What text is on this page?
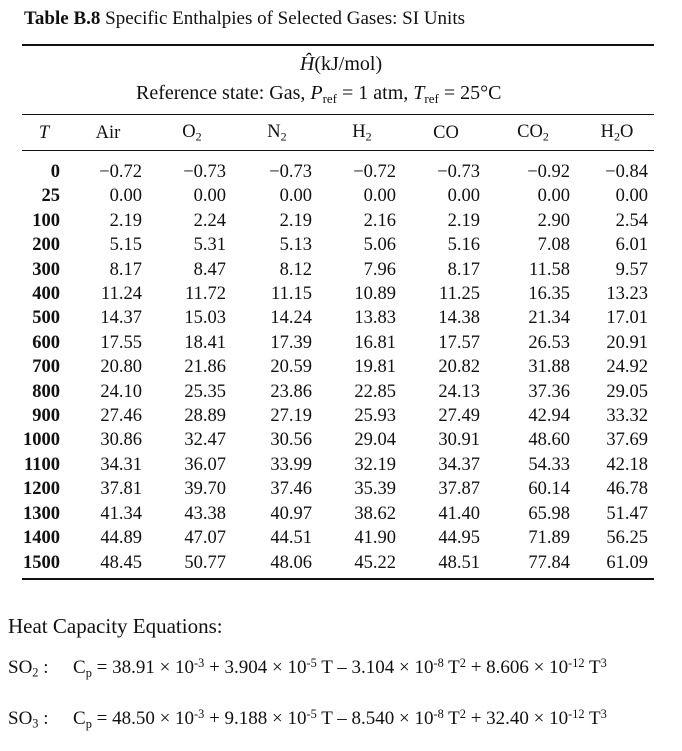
Table B.8 Specific Enthalpies of Selected Gases: SI Units
Ĥ(kJ/mol)
Reference state: Gas, $P_{ref} = 1$ atm, $T_{ref} = 25^\circ C$
T	Air	$O_2$	$N_2$	$H_2$	CO	$CO_2$	$H_2O$
0	−0.72	−0.73	−0.73	−0.72	−0.73	−0.92	−0.84
25	0.00	0.00	0.00	0.00	0.00	0.00	0.00
100	2.19	2.24	2.19	2.16	2.19	2.90	2.54
200	5.15	5.31	5.13	5.06	5.16	7.08	6.01
300	8.17	8.47	8.12	7.96	8.17	11.58	9.57
400	11.24	11.72	11.15	10.89	11.25	16.35	13.23
500	14.37	15.03	14.24	13.83	14.38	21.34	17.01
600	17.55	18.41	17.39	16.81	17.57	26.53	20.91
700	20.80	21.86	20.59	19.81	20.82	31.88	24.92
800	24.10	25.35	23.86	22.85	24.13	37.36	29.05
900	27.46	28.89	27.19	25.93	27.49	42.94	33.32
1000	30.86	32.47	30.56	29.04	30.91	48.60	37.69
1100	34.31	36.07	33.99	32.19	34.37	54.33	42.18
1200	37.81	39.70	37.46	35.39	37.87	60.14	46.78
1300	41.34	43.38	40.97	38.62	41.40	65.98	51.47
1400	44.89	47.07	44.51	41.90	44.95	71.89	56.25
1500	48.45	50.77	48.06	45.22	48.51	77.84	61.09
Heat Capacity Equations:
$SO_2$ : $C_p = 38.91 \times 10^{-3} + 3.904 \times 10^{-5}$ $T - 3.104 \times 10^{-8}$ $T^2 + 8.606 \times 10^{-12}$ $T^3$
$SO_3$ : $C_p = 48.50 \times 10^{-3} + 9.188 \times 10^{-5}$ $T - 8.540 \times 10^{-8}$ $T^2 + 32.40 \times 10^{-12}$ $T^3$
